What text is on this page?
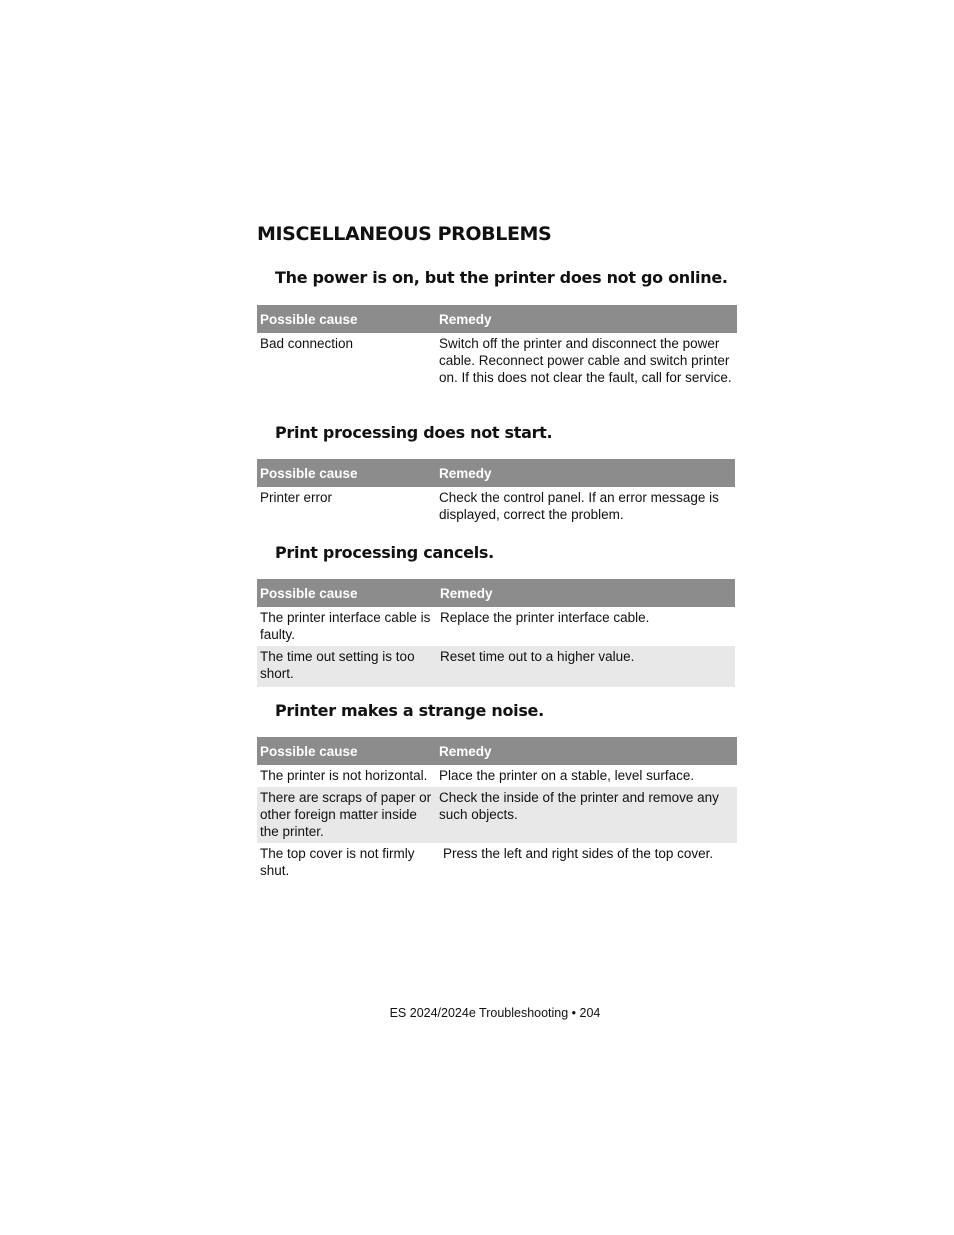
MISCELLANEOUS PROBLEMS
The power is on, but the printer does not go online.
Possible cause	Remedy
Bad connection	Switch off the printer and disconnect the power cable. Reconnect power cable and switch printer on. If this does not clear the fault, call for service.
Print processing does not start.
Possible cause	Remedy
Printer error	Check the control panel. If an error message is displayed, correct the problem.
Print processing cancels.
Possible cause	Remedy
The printer interface cable is faulty.	Replace the printer interface cable.
The time out setting is too short.	Reset time out to a higher value.
Printer makes a strange noise.
Possible cause	Remedy
The printer is not horizontal.	Place the printer on a stable, level surface.
There are scraps of paper or other foreign matter inside the printer.	Check the inside of the printer and remove any such objects.
The top cover is not firmly shut.	Press the left and right sides of the top cover.
ES 2024/2024e Troubleshooting • 204
